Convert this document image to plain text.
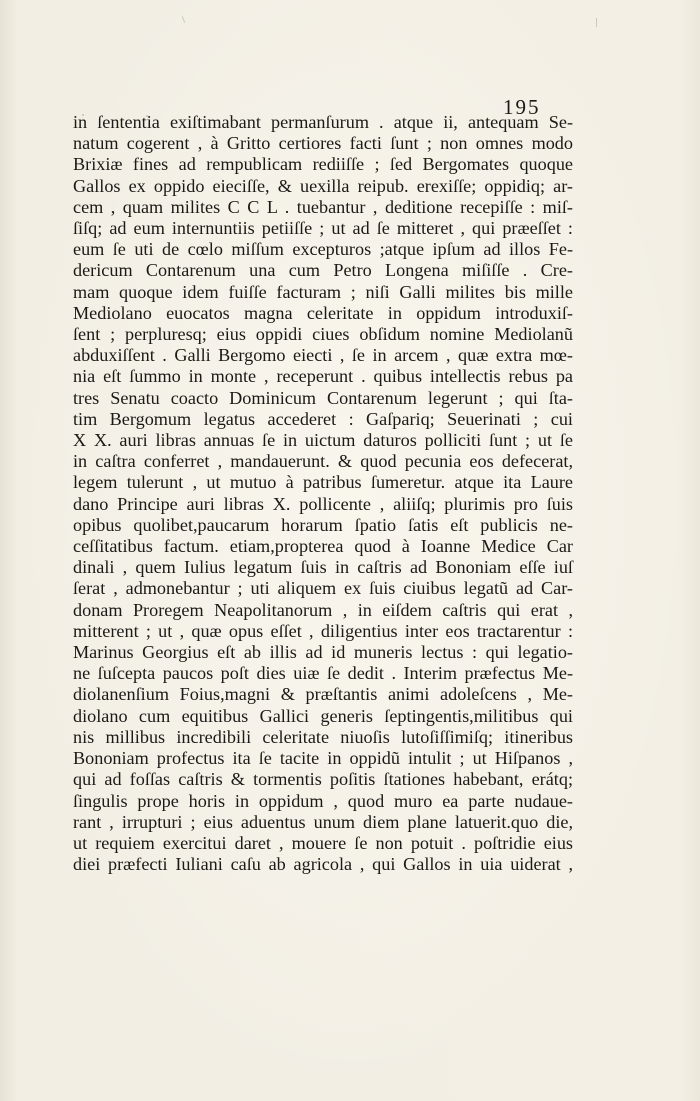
195
in ſententia exiſtimabant permanſurum . atque ii, antequam Se-
natum cogerent , à Gritto certiores facti ſunt ; non omnes modo
Brixiæ fines ad rempublicam rediiſſe ; ſed Bergomates quoque
Gallos ex oppido eieciſſe, & uexilla reipub. erexiſſe; oppidiq; ar-
cem , quam milites C C L . tuebantur , deditione recepiſſe : miſ-
ſiſq; ad eum internuntiis petiiſſe ; ut ad ſe mitteret , qui præeſſet :
eum ſe uti de cœlo miſſum excepturos ;atque ipſum ad illos Fe-
dericum Contarenum una cum Petro Longena miſiſſe . Cre-
mam quoque idem fuiſſe facturam ; niſi Galli milites bis mille
Mediolano euocatos magna celeritate in oppidum introduxiſ-
ſent ; perpluresq; eius oppidi ciues obſidum nomine Mediolanũ
abduxiſſent . Galli Bergomo eiecti , ſe in arcem , quæ extra mœ-
nia eſt ſummo in monte , receperunt . quibus intellectis rebus pa
tres Senatu coacto Dominicum Contarenum legerunt ; qui ſta-
tim Bergomum legatus accederet : Gaſpariq; Seuerinati ; cui
X X. auri libras annuas ſe in uictum daturos polliciti ſunt ; ut ſe
in caſtra conferret , mandauerunt. & quod pecunia eos defecerat,
legem tulerunt , ut mutuo à patribus ſumeretur. atque ita Laure
dano Principe auri libras X. pollicente , aliiſq; plurimis pro ſuis
opibus quolibet,paucarum horarum ſpatio ſatis eſt publicis ne-
ceſſitatibus factum. etiam,propterea quod à Ioanne Medice Car
dinali , quem Iulius legatum ſuis in caſtris ad Bononiam eſſe iuſ
ſerat , admonebantur ; uti aliquem ex ſuis ciuibus legatũ ad Car-
donam Proregem Neapolitanorum , in eiſdem caſtris qui erat ,
mitterent ; ut , quæ opus eſſet , diligentius inter eos tractarentur :
Marinus Georgius eſt ab illis ad id muneris lectus : qui legatio-
ne ſuſcepta paucos poſt dies uiæ ſe dedit . Interim præfectus Me-
diolanenſium Foius,magni & præſtantis animi adoleſcens , Me-
diolano cum equitibus Gallici generis ſeptingentis,militibus qui
nis millibus incredibili celeritate niuoſis lutoſiſſimiſq; itineribus
Bononiam profectus ita ſe tacite in oppidũ intulit ; ut Hiſpanos ,
qui ad foſſas caſtris & tormentis poſitis ſtationes habebant, erátq;
ſingulis prope horis in oppidum , quod muro ea parte nudaue-
rant , irrupturi ; eius aduentus unum diem plane latuerit.quo die,
ut requiem exercitui daret , mouere ſe non potuit . poſtridie eius
diei præfecti Iuliani caſu ab agricola , qui Gallos in uia uiderat ,
